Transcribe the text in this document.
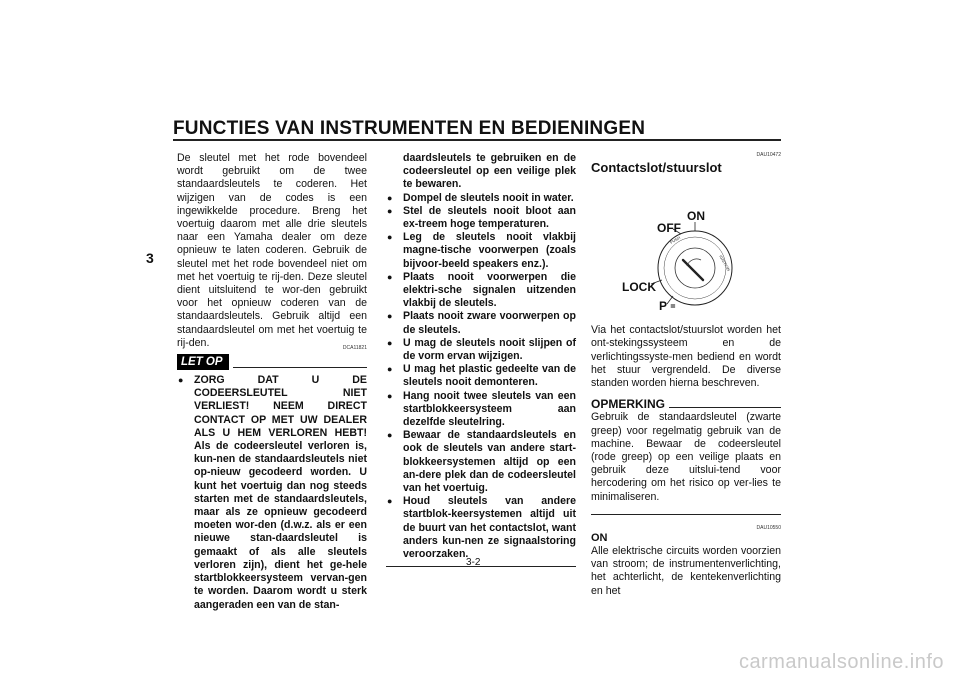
FUNCTIES VAN INSTRUMENTEN EN BEDIENINGEN
3

De sleutel met het rode bovendeel wordt gebruikt om de twee standaardsleutels te coderen. Het wijzigen van de codes is een ingewikkelde procedure. Breng het voertuig daarom met alle drie sleutels naar een Yamaha dealer om deze opnieuw te laten coderen. Gebruik de sleutel met het rode bovendeel niet om met het voertuig te rij-den. Deze sleutel dient uitsluitend te wor-den gebruikt voor het opnieuw coderen van de standaardsleutels. Gebruik altijd een standaardsleutel om met het voertuig te rij-den.

LET OP
DCA11821
● ZORG DAT U DE CODEERSLEUTEL NIET VERLIEST! NEEM DIRECT CONTACT OP MET UW DEALER ALS U HEM VERLOREN HEBT! Als de codeersleutel verloren is, kun-nen de standaardsleutels niet op-nieuw gecodeerd worden. U kunt het voertuig dan nog steeds starten met de standaardsleutels, maar als ze opnieuw gecodeerd moeten wor-den (d.w.z. als er een nieuwe stan-daardsleutel is gemaakt of als alle sleutels verloren zijn), dient het ge-hele startblokkeersysteem vervan-gen te worden. Daarom wordt u sterk aangeraden een van de stan-

daardsleutels te gebruiken en de codeersleutel op een veilige plek te bewaren.

● Dompel de sleutels nooit in water.
● Stel de sleutels nooit bloot aan ex-treem hoge temperaturen.
● Leg de sleutels nooit vlakbij magne-tische voorwerpen (zoals bijvoor-beeld speakers enz.).
● Plaats nooit voorwerpen die elektri-sche signalen uitzenden vlakbij de sleutels.
● Plaats nooit zware voorwerpen op de sleutels.
● U mag de sleutels nooit slijpen of de vorm ervan wijzigen.
● U mag het plastic gedeelte van de sleutels nooit demonteren.
● Hang nooit twee sleutels van een startblokkeersysteem aan dezelfde sleutelring.
● Bewaar de standaardsleutels en ook de sleutels van andere start-blokkeersystemen altijd op een an-dere plek dan de codeersleutel van het voertuig.
● Houd sleutels van andere startblok-keersystemen altijd uit de buurt van het contactslot, want anders kun-nen ze signaalstoring veroorzaken.
DAU10472
Contactslot/stuurslot
IGNITION
PUSH
ON
OFF
LOCK
P ≣

Via het contactslot/stuurslot worden het ont-stekingssysteem en de verlichtingssyste-men bediend en wordt het stuur vergrendeld. De diverse standen worden hierna beschreven.

OPMERKING

Gebruik de standaardsleutel (zwarte greep) voor regelmatig gebruik van de machine. Bewaar de codeersleutel (rode greep) op een veilige plaats en gebruik deze uitslui-tend voor hercodering om het risico op ver-lies te minimaliseren.

DAU10550

ON

Alle elektrische circuits worden voorzien van stroom; de instrumentenverlichting, het achterlicht, de kentekenverlichting en het

3-2
carmanualsonline.info
